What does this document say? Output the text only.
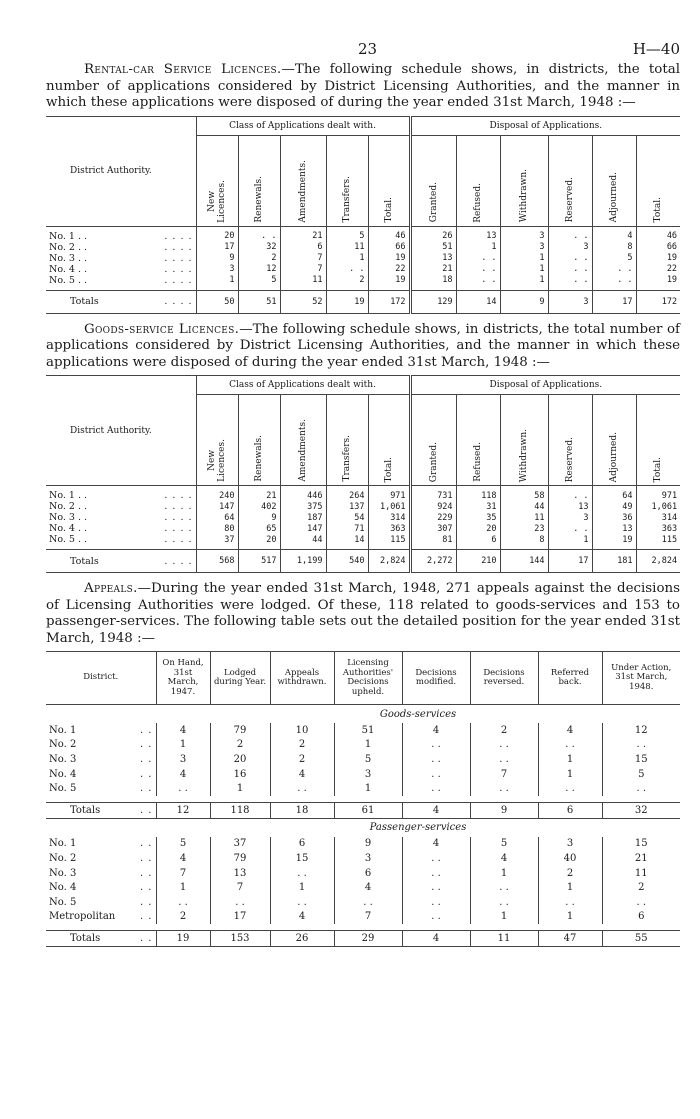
23	H—40

Rental-car Service Licences.—The following schedule shows, in districts, the total number of applications considered by District Licensing Authorities, and the manner in which these applications were disposed of during the year ended 31st March, 1948 :—

District Authority.	Class of Applications dealt with.					Disposal of Applications.					
	New
Licences.	Renewals.	Amendments.	Transfers.	Total.	Granted.	Refused.	Withdrawn.	Reserved.	Adjourned.	Total.
No. 1 . . . . . .	20	. .	21	5	46	26	13	3	. .	4	46
No. 2 . . . . . .	17	32	6	11	66	51	1	3	3	8	66
No. 3 . . . . . .	9	2	7	1	19	13	. .	1	. .	5	19
No. 4 . . . . . .	3	12	7	. .	22	21	. .	1	. .	. .	22
No. 5 . . . . . .	1	5	11	2	19	18	. .	1	. .	. .	19
Totals . . . .	50	51	52	19	172	129	14	9	3	17	172

Goods-service Licences.—The following schedule shows, in districts, the total number of applications considered by District Licensing Authorities, and the manner in which these applications were disposed of during the year ended 31st March, 1948 :—

District Authority.	Class of Applications dealt with.					Disposal of Applications.					
	New
Licences.	Renewals.	Amendments.	Transfers.	Total.	Granted.	Refused.	Withdrawn.	Reserved.	Adjourned.	Total.
No. 1 . . . . . .	240	21	446	264	971	731	118	58	. .	64	971
No. 2 . . . . . .	147	402	375	137	1,061	924	31	44	13	49	1,061
No. 3 . . . . . .	64	9	187	54	314	229	35	11	3	36	314
No. 4 . . . . . .	80	65	147	71	363	307	20	23	. .	13	363
No. 5 . . . . . .	37	20	44	14	115	81	6	8	1	19	115
Totals . . . .	568	517	1,199	540	2,824	2,272	210	144	17	181	2,824

Appeals.—During the year ended 31st March, 1948, 271 appeals against the decisions of Licensing Authorities were lodged. Of these, 118 related to goods-services and 153 to passenger-services. The following table sets out the detailed position for the year ended 31st March, 1948 :—

District.	On Hand, 31st March, 1947.	Lodged during Year.	Appeals withdrawn.	Licensing Authorities' Decisions upheld.	Decisions modified.	Decisions reversed.	Referred back.	Under Action, 31st March, 1948.
	Goods-services							
No. 1 . .	4	79	10	51	4	2	4	12
No. 2 . .	1	2	2	1	. .	. .	. .	. .
No. 3 . .	3	20	2	5	. .	. .	1	15
No. 4 . .	4	16	4	3	. .	7	1	5
No. 5 . .	. .	1	. .	1	. .	. .	. .	. .

Totals . .	12	118	18	61	4	9	6	32
	Passenger-services							
No. 1 . .	5	37	6	9	4	5	3	15
No. 2 . .	4	79	15	3	. .	4	40	21
No. 3 . .	7	13	. .	6	. .	1	2	11
No. 4 . .	1	7	1	4	. .	. .	1	2
No. 5 . .	. .	. .	. .	. .	. .	. .	. .	. .
Metropolitan . .	2	17	4	7	. .	1	1	6

Totals . .	19	153	26	29	4	11	47	55
